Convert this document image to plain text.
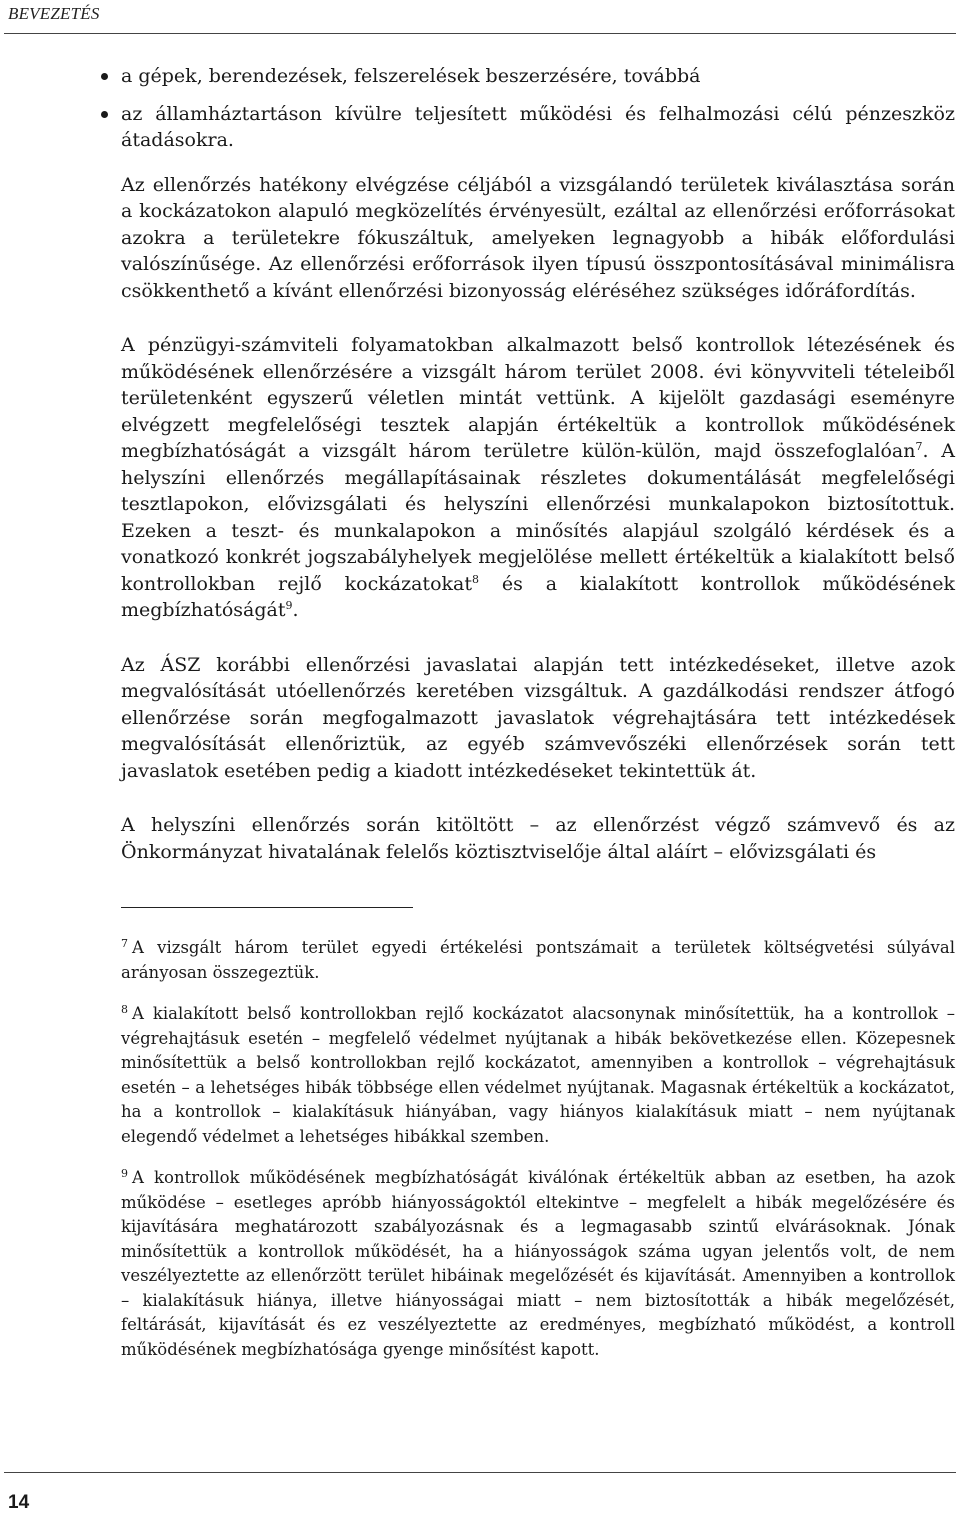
BEVEZETÉS
a gépek, berendezések, felszerelések beszerzésére, továbbá
az államháztartáson kívülre teljesített működési és felhalmozási célú pénzeszköz átadásokra.

Az ellenőrzés hatékony elvégzése céljából a vizsgálandó területek kiválasztása során a kockázatokon alapuló megközelítés érvényesült, ezáltal az ellenőrzési erőforrásokat azokra a területekre fókuszáltuk, amelyeken legnagyobb a hibák előfordulási valószínűsége. Az ellenőrzési erőforrások ilyen típusú összpontosításával minimálisra csökkenthető a kívánt ellenőrzési bizonyosság eléréséhez szükséges időráfordítás.

A pénzügyi-számviteli folyamatokban alkalmazott belső kontrollok létezésének és működésének ellenőrzésére a vizsgált három terület 2008. évi könyvviteli tételeiből területenként egyszerű véletlen mintát vettünk. A kijelölt gazdasági eseményre elvégzett megfelelőségi tesztek alapján értékeltük a kontrollok működésének megbízhatóságát a vizsgált három területre külön-külön, majd összefoglalóan$^7$. A helyszíni ellenőrzés megállapításainak részletes dokumentálását megfelelőségi tesztlapokon, elővizsgálati és helyszíni ellenőrzési munkalapokon biztosítottuk. Ezeken a teszt- és munkalapokon a minősítés alapjául szolgáló kérdések és a vonatkozó konkrét jogszabályhelyek megjelölése mellett értékeltük a kialakított belső kontrollokban rejlő kockázatokat$^8$ és a kialakított kontrollok működésének megbízhatóságát$^9$.

Az ÁSZ korábbi ellenőrzési javaslatai alapján tett intézkedéseket, illetve azok megvalósítását utóellenőrzés keretében vizsgáltuk. A gazdálkodási rendszer átfogó ellenőrzése során megfogalmazott javaslatok végrehajtására tett intézkedések megvalósítását ellenőriztük, az egyéb számvevőszéki ellenőrzések során tett javaslatok esetében pedig a kiadott intézkedéseket tekintettük át.

A helyszíni ellenőrzés során kitöltött – az ellenőrzést végző számvevő és az Önkormányzat hivatalának felelős köztisztviselője által aláírt – elővizsgálati és

$^7$ A vizsgált három terület egyedi értékelési pontszámait a területek költségvetési súlyával arányosan összegeztük.

$^8$ A kialakított belső kontrollokban rejlő kockázatot alacsonynak minősítettük, ha a kontrollok – végrehajtásuk esetén – megfelelő védelmet nyújtanak a hibák bekövetkezése ellen. Közepesnek minősítettük a belső kontrollokban rejlő kockázatot, amennyiben a kontrollok – végrehajtásuk esetén – a lehetséges hibák többsége ellen védelmet nyújtanak. Magasnak értékeltük a kockázatot, ha a kontrollok – kialakításuk hiányában, vagy hiányos kialakításuk miatt – nem nyújtanak elegendő védelmet a lehetséges hibákkal szemben.

$^9$ A kontrollok működésének megbízhatóságát kiválónak értékeltük abban az esetben, ha azok működése – esetleges apróbb hiányosságoktól eltekintve – megfelelt a hibák megelőzésére és kijavítására meghatározott szabályozásnak és a legmagasabb szintű elvárásoknak. Jónak minősítettük a kontrollok működését, ha a hiányosságok száma ugyan jelentős volt, de nem veszélyeztette az ellenőrzött terület hibáinak megelőzését és kijavítását. Amennyiben a kontrollok – kialakításuk hiánya, illetve hiányosságai miatt – nem biztosították a hibák megelőzését, feltárását, kijavítását és ez veszélyeztette az eredményes, megbízható működést, a kontroll működésének megbízhatósága gyenge minősítést kapott.

14
